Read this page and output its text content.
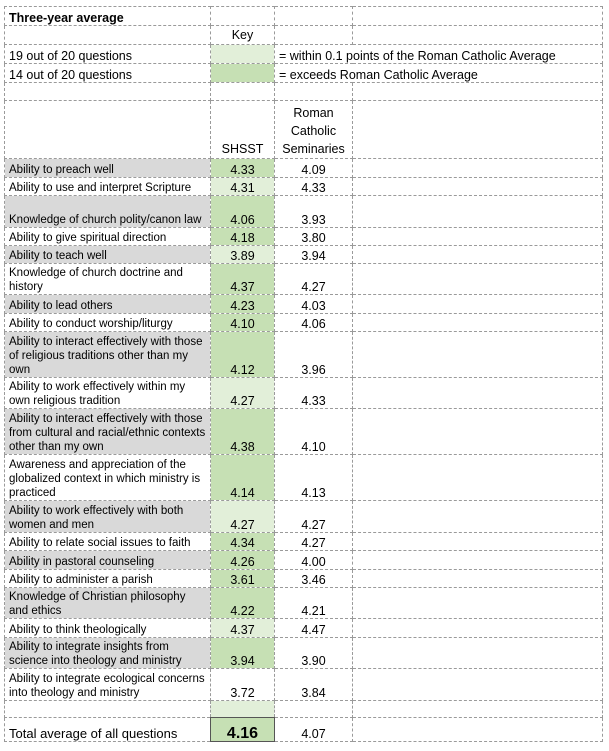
Three-year average			
	Key		
19 out of 20 questions		= within 0.1 points of the Roman Catholic Average	
14 out of 20 questions		= exceeds Roman Catholic Average	

	SHSST	Roman Catholic Seminaries	
Ability to preach well	4.33	4.09	
Ability to use and interpret Scripture	4.31	4.33	
Knowledge of church polity/canon law	4.06	3.93	
Ability to give spiritual direction	4.18	3.80	
Ability to teach well	3.89	3.94	
Knowledge of church doctrine and history	4.37	4.27	
Ability to lead others	4.23	4.03	
Ability to conduct worship/liturgy	4.10	4.06	
Ability to interact effectively with those of religious traditions other than my own	4.12	3.96	
Ability to work effectively within my own religious tradition	4.27	4.33	
Ability to interact effectively with those from cultural and racial/ethnic contexts other than my own	4.38	4.10	
Awareness and appreciation of the globalized context in which ministry is practiced	4.14	4.13	
Ability to work effectively with both women and men	4.27	4.27	
Ability to relate social issues to faith	4.34	4.27	
Ability in pastoral counseling	4.26	4.00	
Ability to administer a parish	3.61	3.46	
Knowledge of Christian philosophy and ethics	4.22	4.21	
Ability to think theologically	4.37	4.47	
Ability to integrate insights from science into theology and ministry	3.94	3.90	
Ability to integrate ecological concerns into theology and ministry	3.72	3.84	

Total average of all questions	4.16	4.07	
